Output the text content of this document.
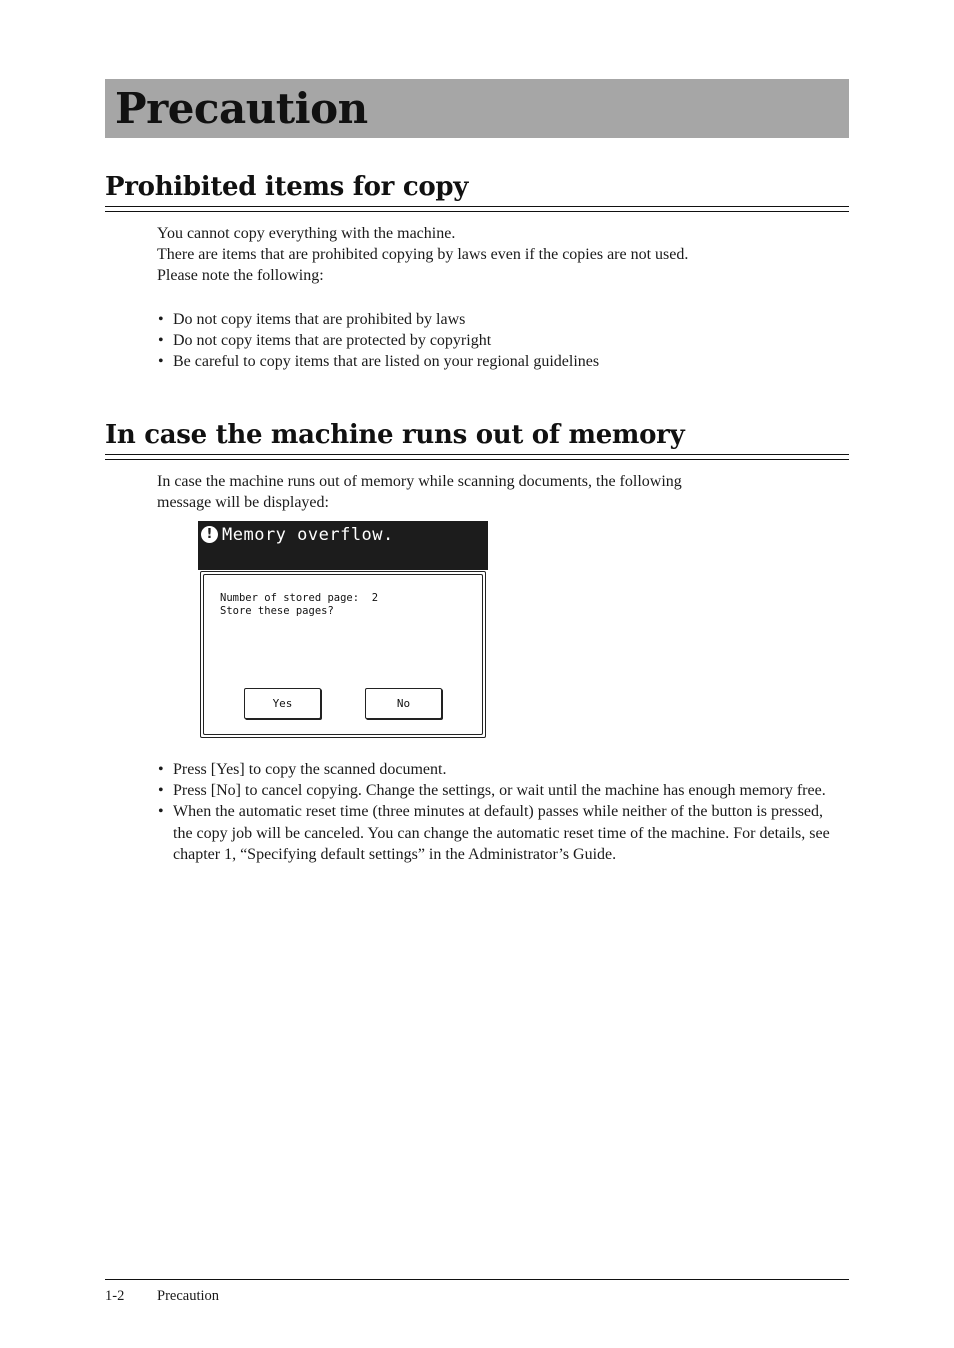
Precaution
Prohibited items for copy

You cannot copy everything with the machine.

There are items that are prohibited copying by laws even if the copies are not used.

Please note the following:

• Do not copy items that are prohibited by laws
• Do not copy items that are protected by copyright
• Be careful to copy items that are listed on your regional guidelines
In case the machine runs out of memory

In case the machine runs out of memory while scanning documents, the following

message will be displayed:

! Memory overflow.
Number of stored page:  2
Store these pages?
Yes	No
• Press [Yes] to copy the scanned document.
• Press [No] to cancel copying. Change the settings, or wait until the machine has enough memory free.
• When the automatic reset time (three minutes at default) passes while neither of the button is pressed, the copy job will be canceled. You can change the automatic reset time of the machine. For details, see chapter 1, “Specifying default settings” in the Administrator’s Guide.
1-2 Precaution
